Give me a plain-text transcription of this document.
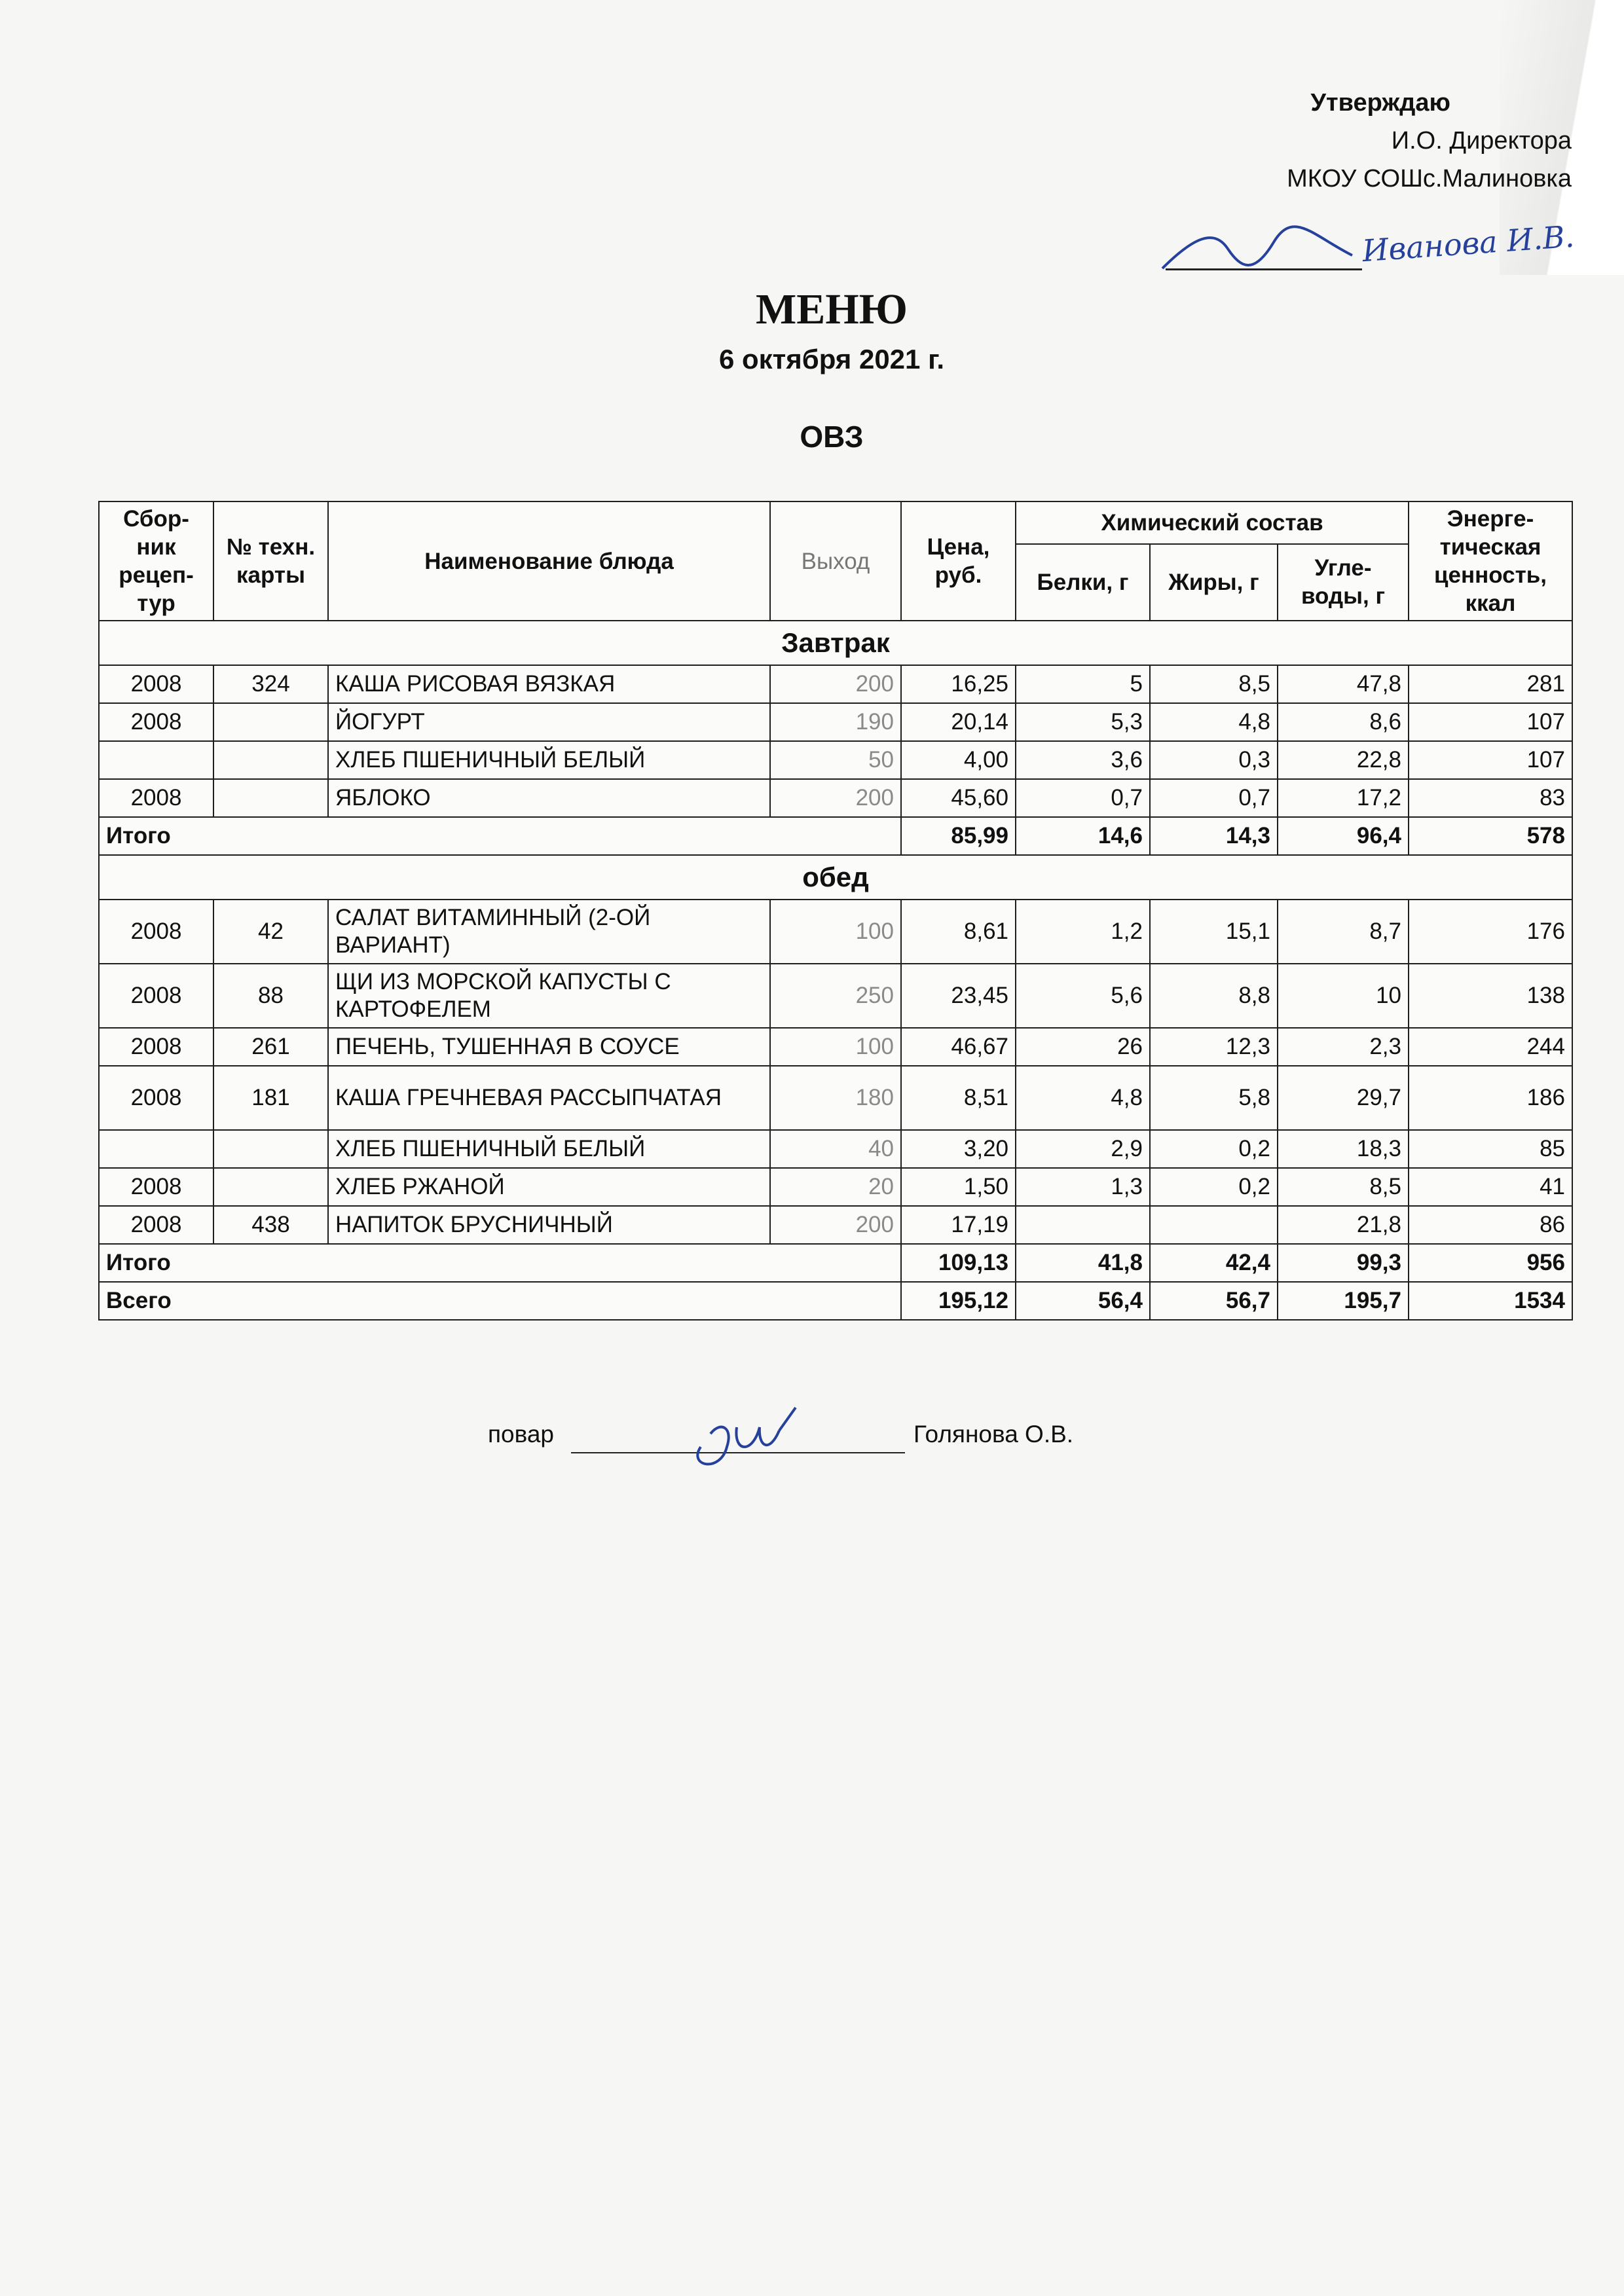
Утверждаю
И.О. Директора
МКОУ СОШс.Малиновка
Иванова И.В.
МЕНЮ
6 октября 2021 г.
ОВЗ
Сбор-ник рецеп-тур	№ техн. карты	Наименование блюда	Выход	Цена, руб.	Химический состав			Энерге-тическая ценность, ккал
					Белки, г	Жиры, г	Угле-воды, г	
Завтрак								
2008	324	КАША РИСОВАЯ ВЯЗКАЯ	200	16,25	5	8,5	47,8	281
2008		ЙОГУРТ	190	20,14	5,3	4,8	8,6	107
		ХЛЕБ ПШЕНИЧНЫЙ БЕЛЫЙ	50	4,00	3,6	0,3	22,8	107
2008		ЯБЛОКО	200	45,60	0,7	0,7	17,2	83
Итого				85,99	14,6	14,3	96,4	578
обед								
2008	42	САЛАТ ВИТАМИННЫЙ (2-ОЙ ВАРИАНТ)	100	8,61	1,2	15,1	8,7	176
2008	88	ЩИ ИЗ МОРСКОЙ КАПУСТЫ С КАРТОФЕЛЕМ	250	23,45	5,6	8,8	10	138
2008	261	ПЕЧЕНЬ, ТУШЕННАЯ В СОУСЕ	100	46,67	26	12,3	2,3	244
2008	181	КАША ГРЕЧНЕВАЯ РАССЫПЧАТАЯ	180	8,51	4,8	5,8	29,7	186
		ХЛЕБ ПШЕНИЧНЫЙ БЕЛЫЙ	40	3,20	2,9	0,2	18,3	85
2008		ХЛЕБ РЖАНОЙ	20	1,50	1,3	0,2	8,5	41
2008	438	НАПИТОК БРУСНИЧНЫЙ	200	17,19			21,8	86
Итого				109,13	41,8	42,4	99,3	956
Всего				195,12	56,4	56,7	195,7	1534
повар	Голянова О.В.
